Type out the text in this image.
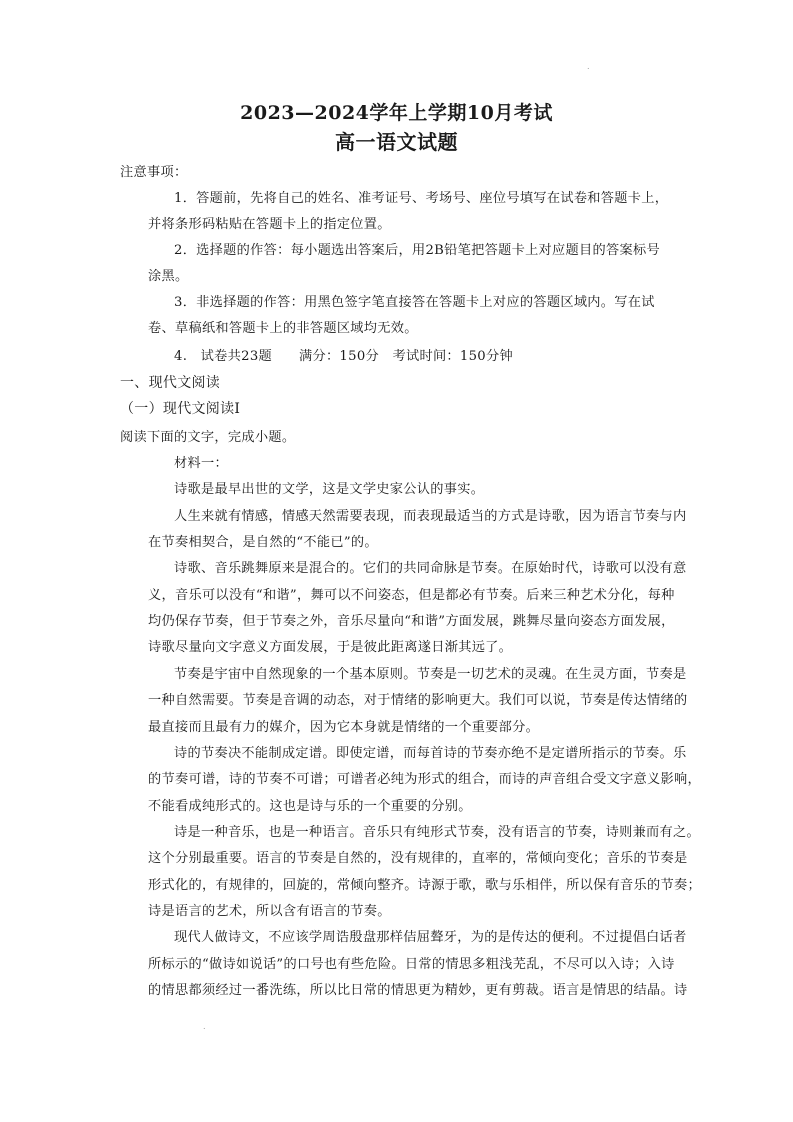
.
2023—2024学年上学期10月考试
高一语文试题
注意事项：
1．答题前，先将自己的姓名、准考证号、考场号、座位号填写在试卷和答题卡上，
并将条形码粘贴在答题卡上的指定位置。
2．选择题的作答：每小题选出答案后，用2B铅笔把答题卡上对应题目的答案标号
涂黑。
3．非选择题的作答：用黑色签字笔直接答在答题卡上对应的答题区域内。写在试
卷、草稿纸和答题卡上的非答题区域均无效。
4.　试卷共23题　　满分：150分　考试时间：150分钟
一、现代文阅读
（一）现代文阅读Ⅰ
阅读下面的文字，完成小题。
材料一：
诗歌是最早出世的文学，这是文学史家公认的事实。
人生来就有情感，情感天然需要表现，而表现最适当的方式是诗歌，因为语言节奏与内
在节奏相契合，是自然的“不能已”的。
诗歌、音乐跳舞原来是混合的。它们的共同命脉是节奏。在原始时代，诗歌可以没有意
义，音乐可以没有“和谐”，舞可以不问姿态，但是都必有节奏。后来三种艺术分化，每种
均仍保存节奏，但于节奏之外，音乐尽量向“和谐”方面发展，跳舞尽量向姿态方面发展，
诗歌尽量向文字意义方面发展，于是彼此距离遂日渐其远了。
节奏是宇宙中自然现象的一个基本原则。节奏是一切艺术的灵魂。在生灵方面，节奏是
一种自然需要。节奏是音调的动态，对于情绪的影响更大。我们可以说，节奏是传达情绪的
最直接而且最有力的媒介，因为它本身就是情绪的一个重要部分。
诗的节奏决不能制成定谱。即使定谱，而每首诗的节奏亦绝不是定谱所指示的节奏。乐
的节奏可谱，诗的节奏不可谱；可谱者必纯为形式的组合，而诗的声音组合受文字意义影响，
不能看成纯形式的。这也是诗与乐的一个重要的分别。
诗是一种音乐，也是一种语言。音乐只有纯形式节奏，没有语言的节奏，诗则兼而有之。
这个分别最重要。语言的节奏是自然的，没有规律的，直率的，常倾向变化；音乐的节奏是
形式化的，有规律的，回旋的，常倾向整齐。诗源于歌，歌与乐相伴，所以保有音乐的节奏；
诗是语言的艺术，所以含有语言的节奏。
现代人做诗文，不应该学周诰殷盘那样佶屈聱牙，为的是传达的便利。不过提倡白话者
所标示的“做诗如说话”的口号也有些危险。日常的情思多粗浅芜乱，不尽可以入诗；入诗
的情思都须经过一番洗练，所以比日常的情思更为精妙，更有剪裁。语言是情思的结晶。诗
.
